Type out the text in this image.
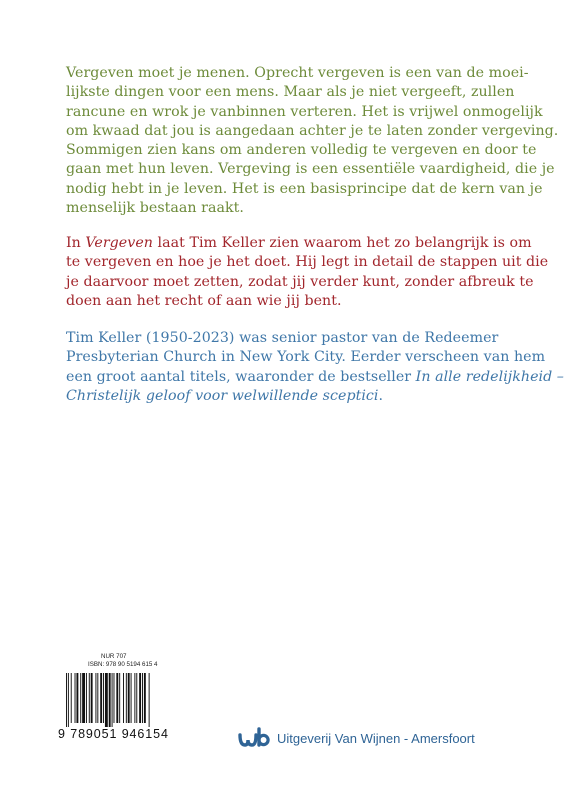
Vergeven moet je menen. Oprecht vergeven is een van de moei-
lijkste dingen voor een mens. Maar als je niet vergeeft, zullen
rancune en wrok je vanbinnen verteren. Het is vrijwel onmogelijk
om kwaad dat jou is aangedaan achter je te laten zonder vergeving.
Sommigen zien kans om anderen volledig te vergeven en door te
gaan met hun leven. Vergeving is een essentiële vaardigheid, die je
nodig hebt in je leven. Het is een basisprincipe dat de kern van je
menselijk bestaan raakt.
In Vergeven laat Tim Keller zien waarom het zo belangrijk is om
te vergeven en hoe je het doet. Hij legt in detail de stappen uit die
je daarvoor moet zetten, zodat jij verder kunt, zonder afbreuk te
doen aan het recht of aan wie jij bent.
Tim Keller (1950-2023) was senior pastor van de Redeemer
Presbyterian Church in New York City. Eerder verscheen van hem
een groot aantal titels, waaronder de bestseller In alle redelijkheid –
Christelijk geloof voor welwillende sceptici.
NUR 707
ISBN: 978 90 5194 615 4
9 789051 946154	Uitgeverij Van Wijnen - Amersfoort
